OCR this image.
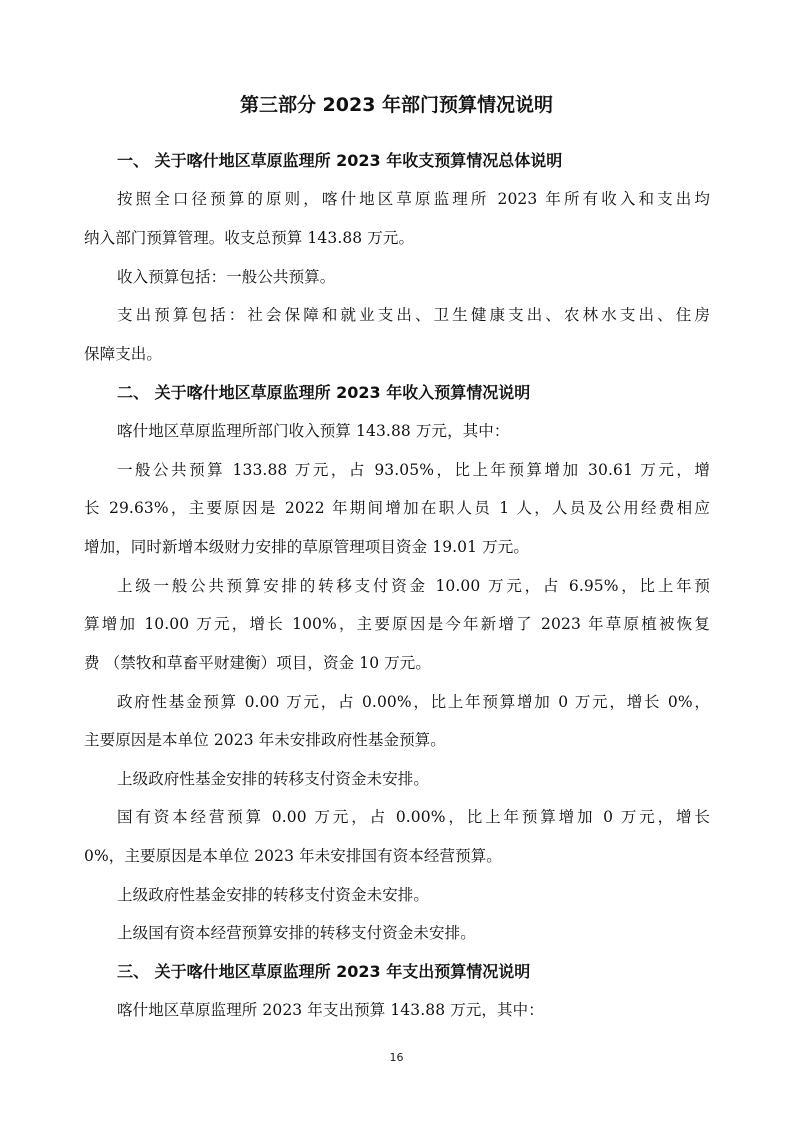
第三部分 2023 年部门预算情况说明
一、 关于喀什地区草原监理所 2023 年收支预算情况总体说明
按照全口径预算的原则，喀什地区草原监理所 2023 年所有收入和支出均
纳入部门预算管理。收支总预算 143.88 万元。
收入预算包括：一般公共预算。
支出预算包括：社会保障和就业支出、卫生健康支出、农林水支出、住房
保障支出。
二、 关于喀什地区草原监理所 2023 年收入预算情况说明
喀什地区草原监理所部门收入预算 143.88 万元，其中：
一般公共预算 133.88 万元，占 93.05%，比上年预算增加 30.61 万元，增
长 29.63%，主要原因是 2022 年期间增加在职人员 1 人，人员及公用经费相应
增加，同时新增本级财力安排的草原管理项目资金 19.01 万元。
上级一般公共预算安排的转移支付资金 10.00 万元，占 6.95%，比上年预
算增加 10.00 万元，增长 100%，主要原因是今年新增了 2023 年草原植被恢复
费 （禁牧和草畜平财建衡）项目，资金 10 万元。
政府性基金预算 0.00 万元，占 0.00%，比上年预算增加 0 万元，增长 0%，
主要原因是本单位 2023 年未安排政府性基金预算。
上级政府性基金安排的转移支付资金未安排。
国有资本经营预算 0.00 万元，占 0.00%，比上年预算增加 0 万元，增长
0%，主要原因是本单位 2023 年未安排国有资本经营预算。
上级政府性基金安排的转移支付资金未安排。
上级国有资本经营预算安排的转移支付资金未安排。
三、 关于喀什地区草原监理所 2023 年支出预算情况说明
喀什地区草原监理所 2023 年支出预算 143.88 万元，其中：
16
